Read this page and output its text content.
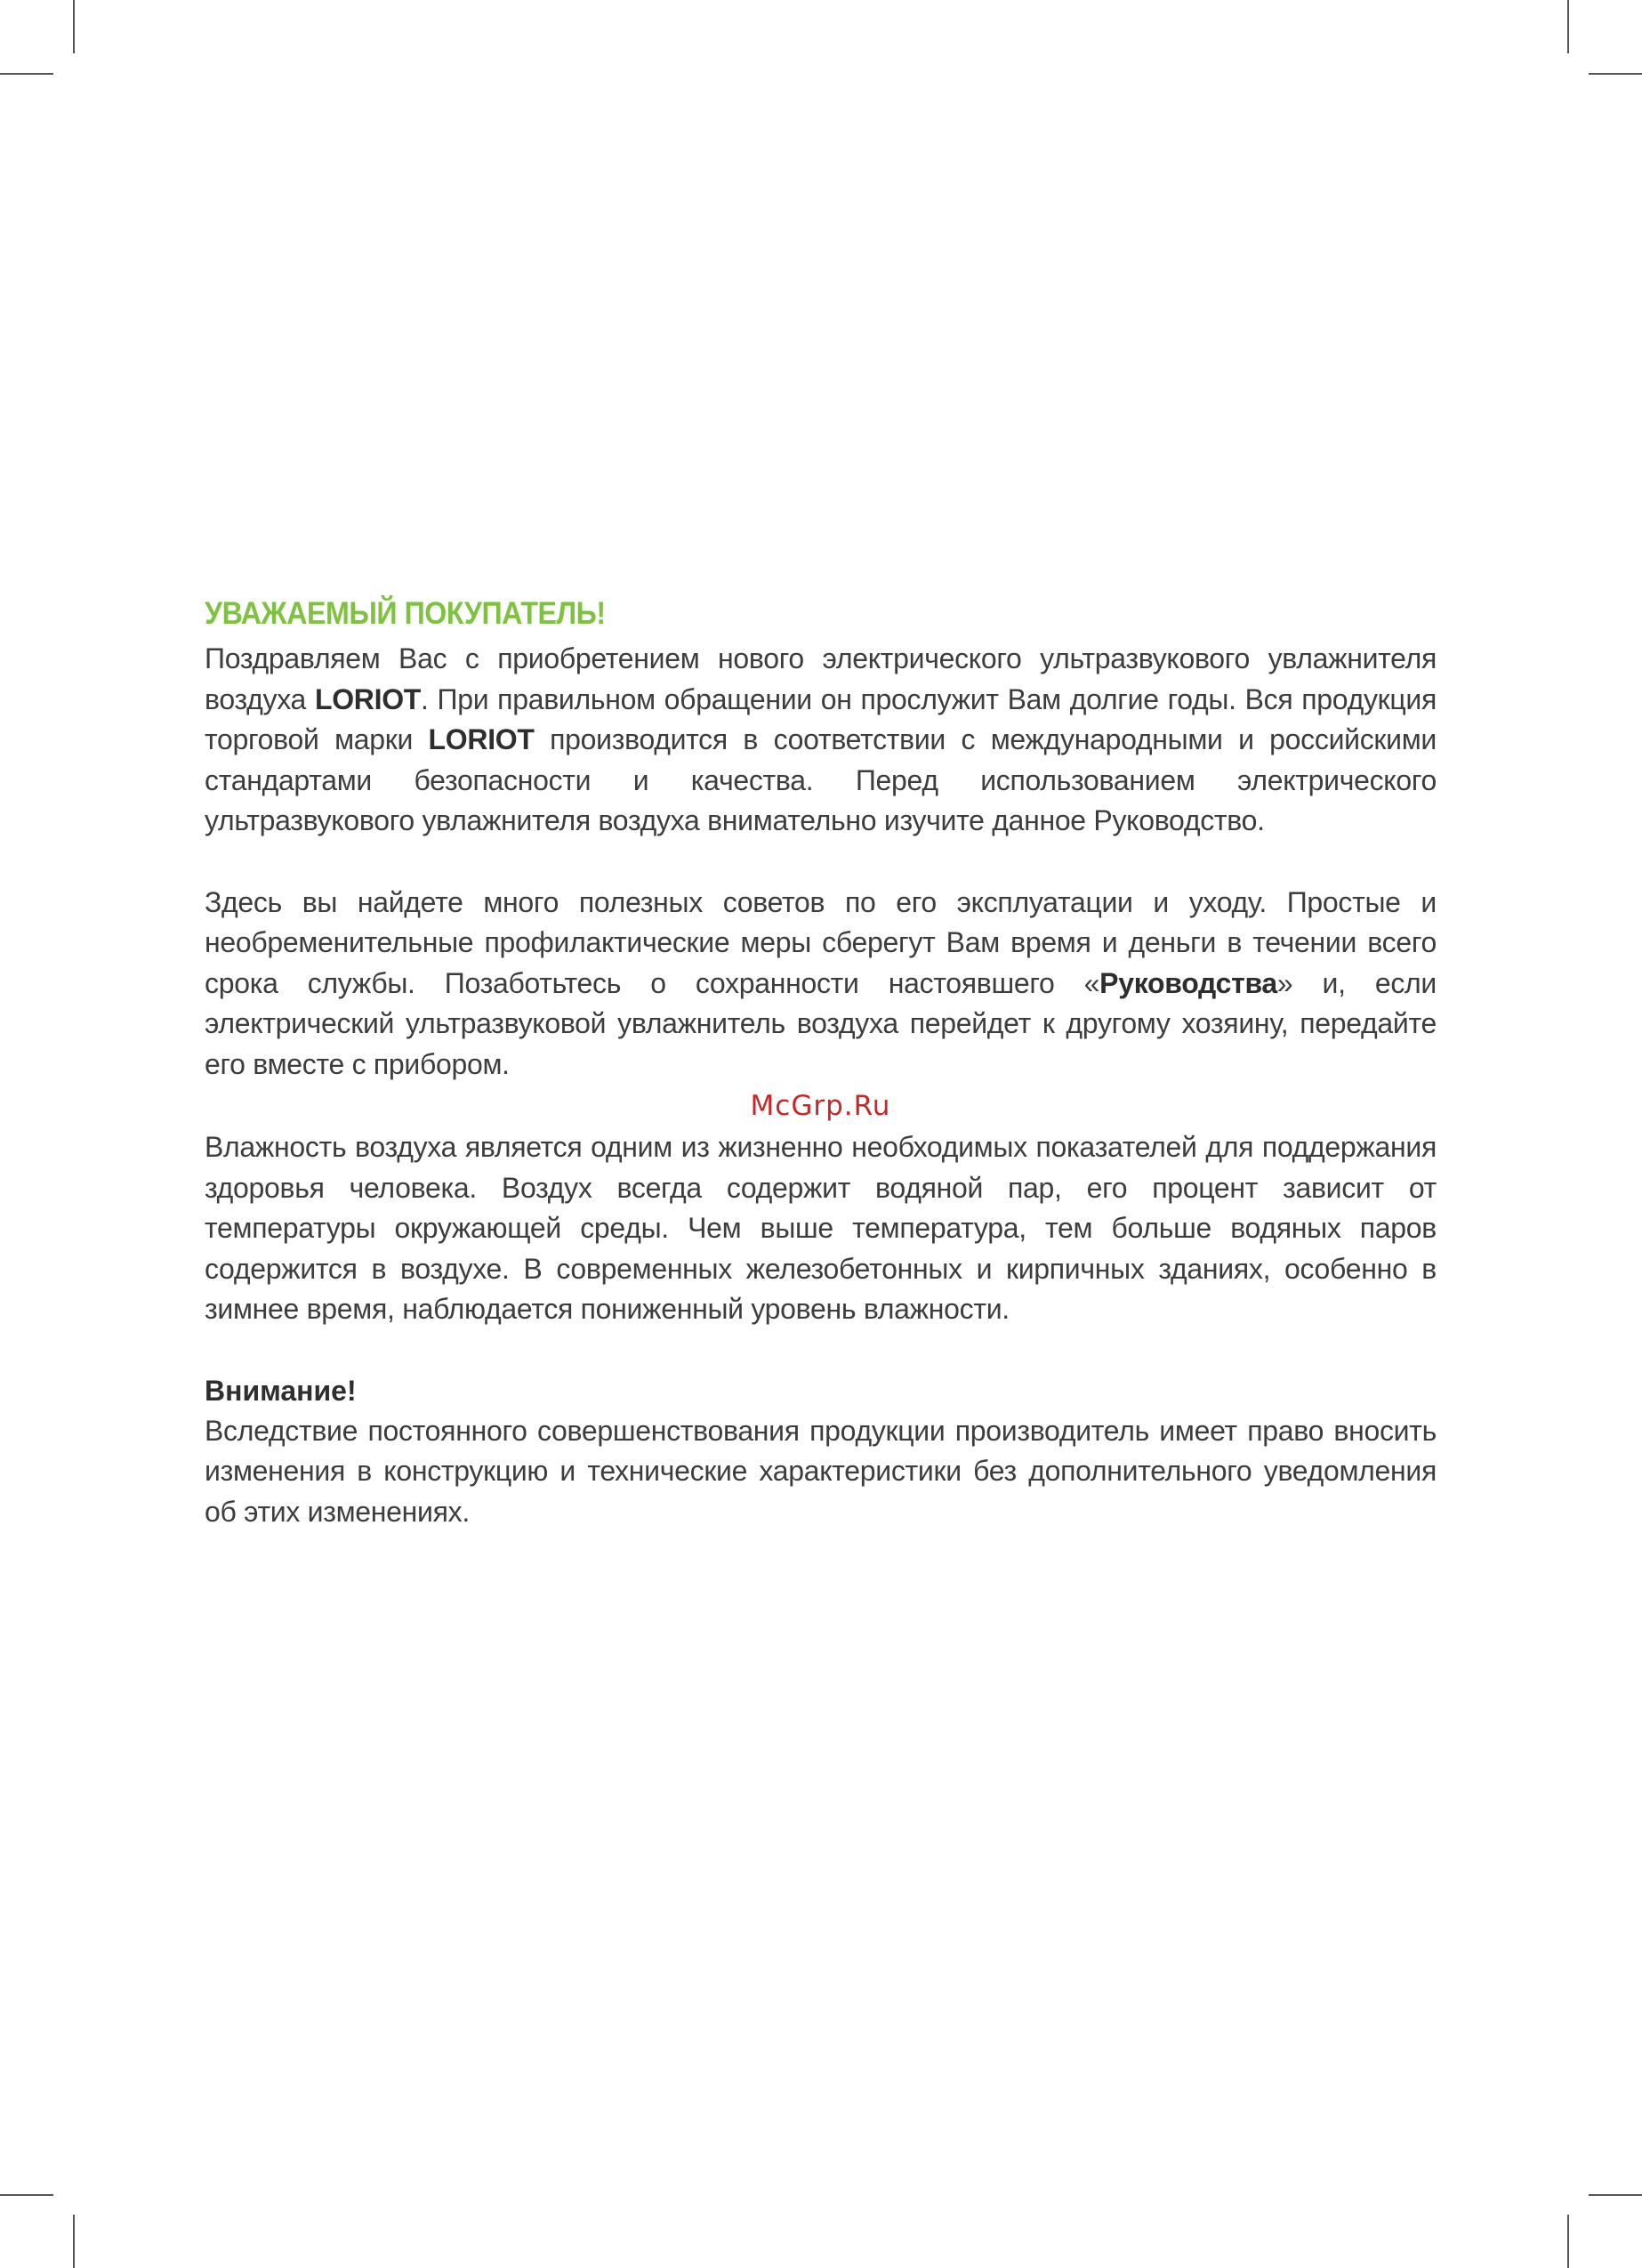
УВАЖАЕМЫЙ ПОКУПАТЕЛЬ!

Поздравляем Вас с приобретением нового электрического ультразвукового увлажнителя воздуха LORIOT. При правильном обращении он прослужит Вам долгие годы. Вся продукция торговой марки LORIOT производится в соответствии с международными и российскими стандартами безопасности и качества. Перед использованием электрического ультразвукового увлажнителя воздуха внимательно изучите данное Руководство.

Здесь вы найдете много полезных советов по его эксплуатации и уходу. Простые и необременительные профилактические меры сберегут Вам время и деньги в течении всего срока службы. Позаботьтесь о сохранности настоявшего «Руководства» и, если электрический ультразвуковой увлажнитель воздуха перейдет к другому хозяину, передайте его вместе с прибором.

McGrp.Ru

Влажность воздуха является одним из жизненно необходимых показателей для поддержания здоровья человека. Воздух всегда содержит водяной пар, его процент зависит от температуры окружающей среды. Чем выше температура, тем больше водяных паров содержится в воздухе. В современных железобетонных и кирпичных зданиях, особенно в зимнее время, наблюдается пониженный уровень влажности.

Внимание!

Вследствие постоянного совершенствования продукции производитель имеет право вносить изменения в конструкцию и технические характеристики без дополнительного уведомления об этих изменениях.
